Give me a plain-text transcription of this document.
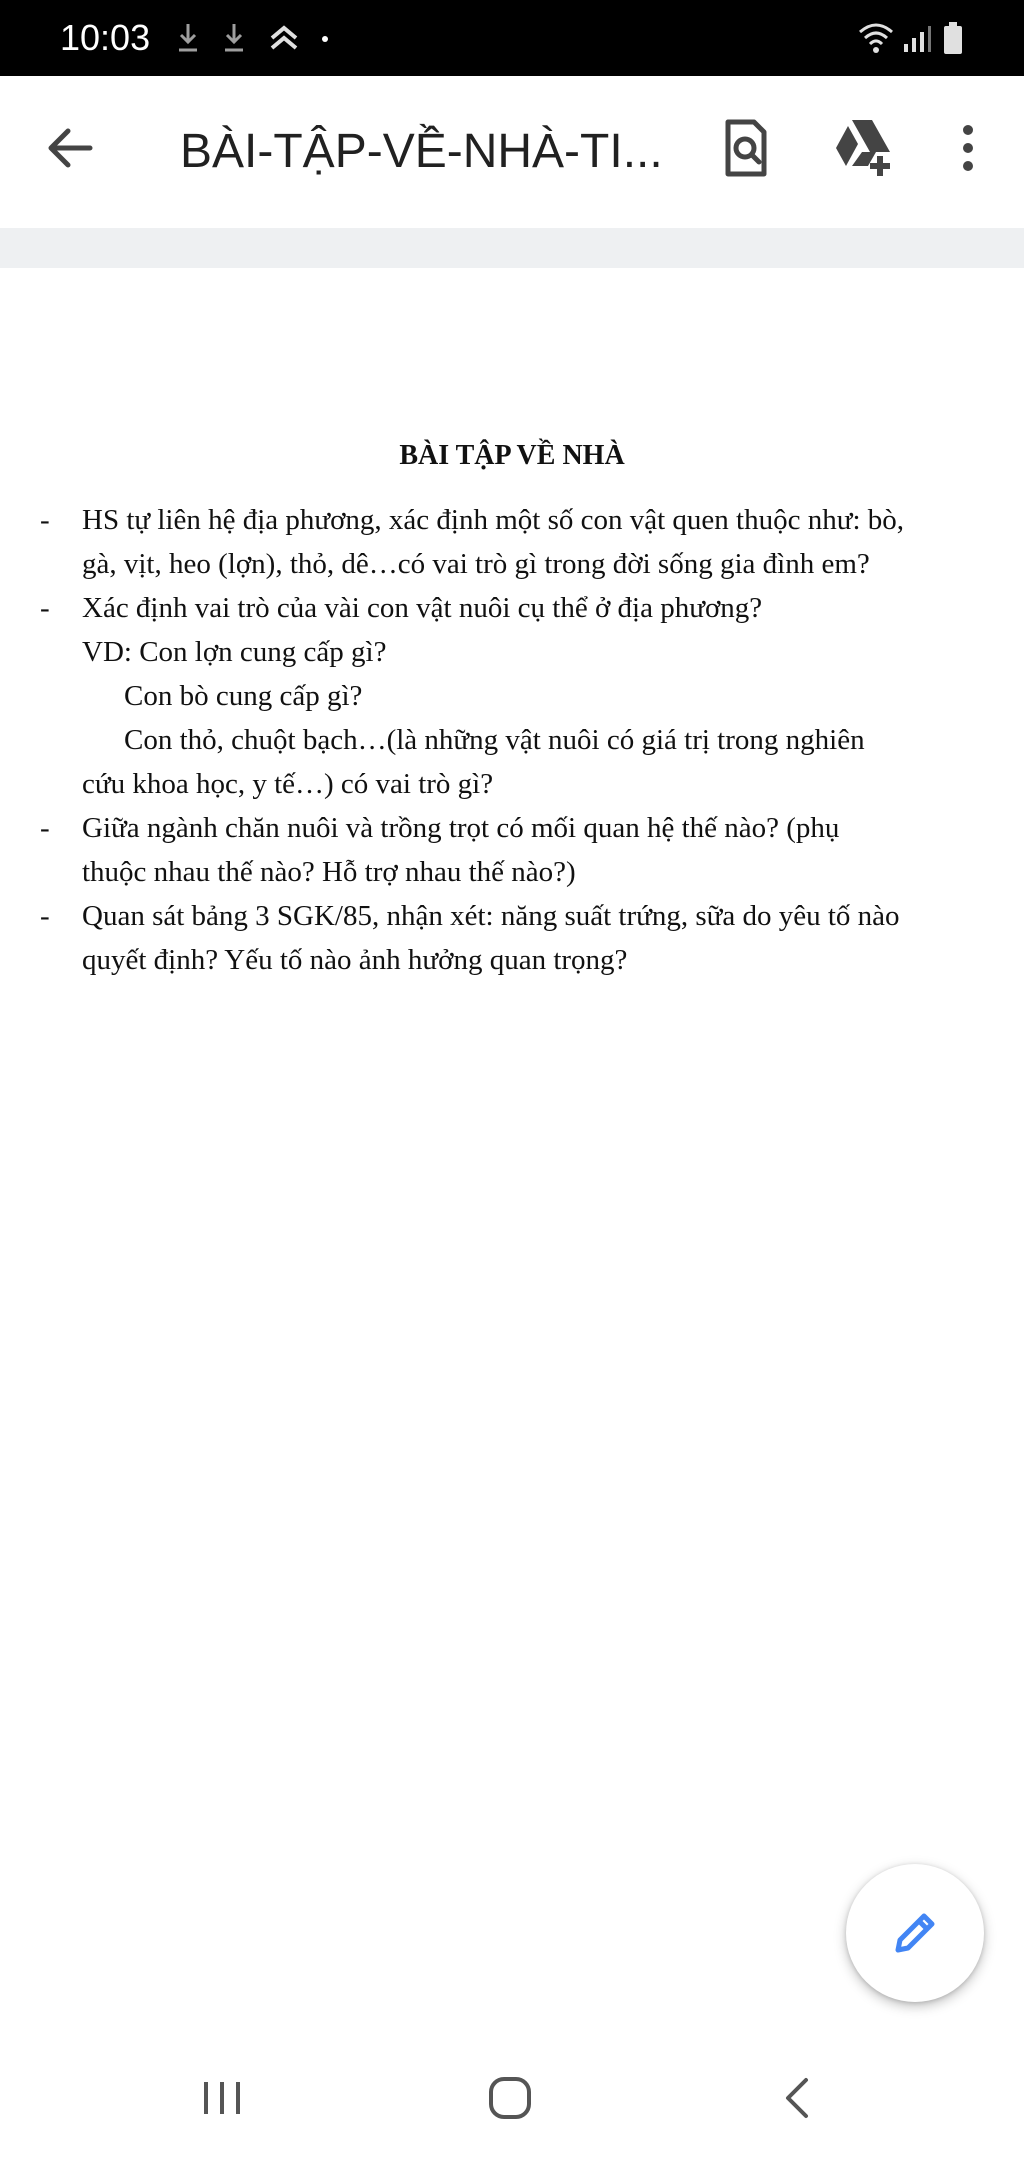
10:03
BÀI-TẬP-VỀ-NHÀ-TI...
BÀI TẬP VỀ NHÀ
- HS tự liên hệ địa phương, xác định một số con vật quen thuộc như: bò,
gà, vịt, heo (lợn), thỏ, dê…có vai trò gì trong đời sống gia đình em?
- Xác định vai trò của vài con vật nuôi cụ thể ở địa phương?
VD: Con lợn cung cấp gì?
Con bò cung cấp gì?
Con thỏ, chuột bạch…(là những vật nuôi có giá trị trong nghiên
cứu khoa học, y tế…) có vai trò gì?
- Giữa ngành chăn nuôi và trồng trọt có mối quan hệ thế nào? (phụ
thuộc nhau thế nào? Hỗ trợ nhau thế nào?)
- Quan sát bảng 3 SGK/85, nhận xét: năng suất trứng, sữa do yêu tố nào
quyết định? Yếu tố nào ảnh hưởng quan trọng?
